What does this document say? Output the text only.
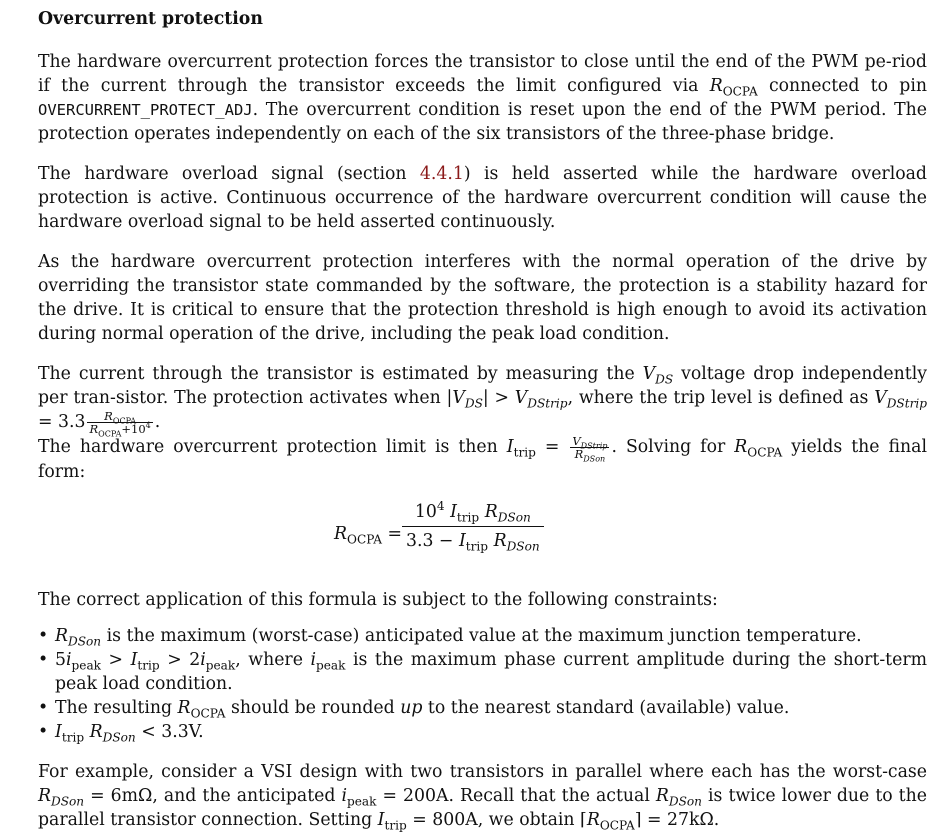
Overcurrent protection

The hardware overcurrent protection forces the transistor to close until the end of the PWM pe-riod if the current through the transistor exceeds the limit configured via $R_{OCPA}$ connected to pin OVERCURRENT_PROTECT_ADJ. The overcurrent condition is reset upon the end of the PWM period. The protection operates independently on each of the six transistors of the three-phase bridge.

The hardware overload signal (section 4.4.1) is held asserted while the hardware overload protection is active. Continuous occurrence of the hardware overcurrent condition will cause the hardware overload signal to be held asserted continuously.

As the hardware overcurrent protection interferes with the normal operation of the drive by overriding the transistor state commanded by the software, the protection is a stability hazard for the drive. It is critical to ensure that the protection threshold is high enough to avoid its activation during normal operation of the drive, including the peak load condition.

The current through the transistor is estimated by measuring the $V_{DS}$ voltage drop independently per tran-sistor. The protection activates when $|V_{DS}| > V_{DStrip}$, where the trip level is defined as $V_{DStrip} = 3.3 \frac{R_{OCPA}}{R_{OCPA}+10^4}$ .
The hardware overcurrent protection limit is then $I_{trip} = \frac{V_{DStrip}}{R_{DSon}}$ . Solving for $R_{OCPA}$ yields the final form:

$R_{OCPA}$ =
$10^4$ $I_{trip}$ $R_{DSon}$
$3.3 - I_{trip}$ $R_{DSon}$

The correct application of this formula is subject to the following constraints:

• $R_{DSon}$ is the maximum (worst-case) anticipated value at the maximum junction temperature.
• $5i_{peak} > I_{trip} > 2i_{peak}$, where $i_{peak}$ is the maximum phase current amplitude during the short-term peak load condition.
• The resulting $R_{OCPA}$ should be rounded up to the nearest standard (available) value.
• $I_{trip}$ $R_{DSon} < 3.3V$.

For example, consider a VSI design with two transistors in parallel where each has the worst-case $R_{DSon} = 6m\Omega$, and the anticipated $i_{peak} = 200A$. Recall that the actual $R_{DSon}$ is twice lower due to the parallel transistor connection. Setting $I_{trip} = 800A$, we obtain $⌈R_{OCPA}⌉ = 27k\Omega$.
